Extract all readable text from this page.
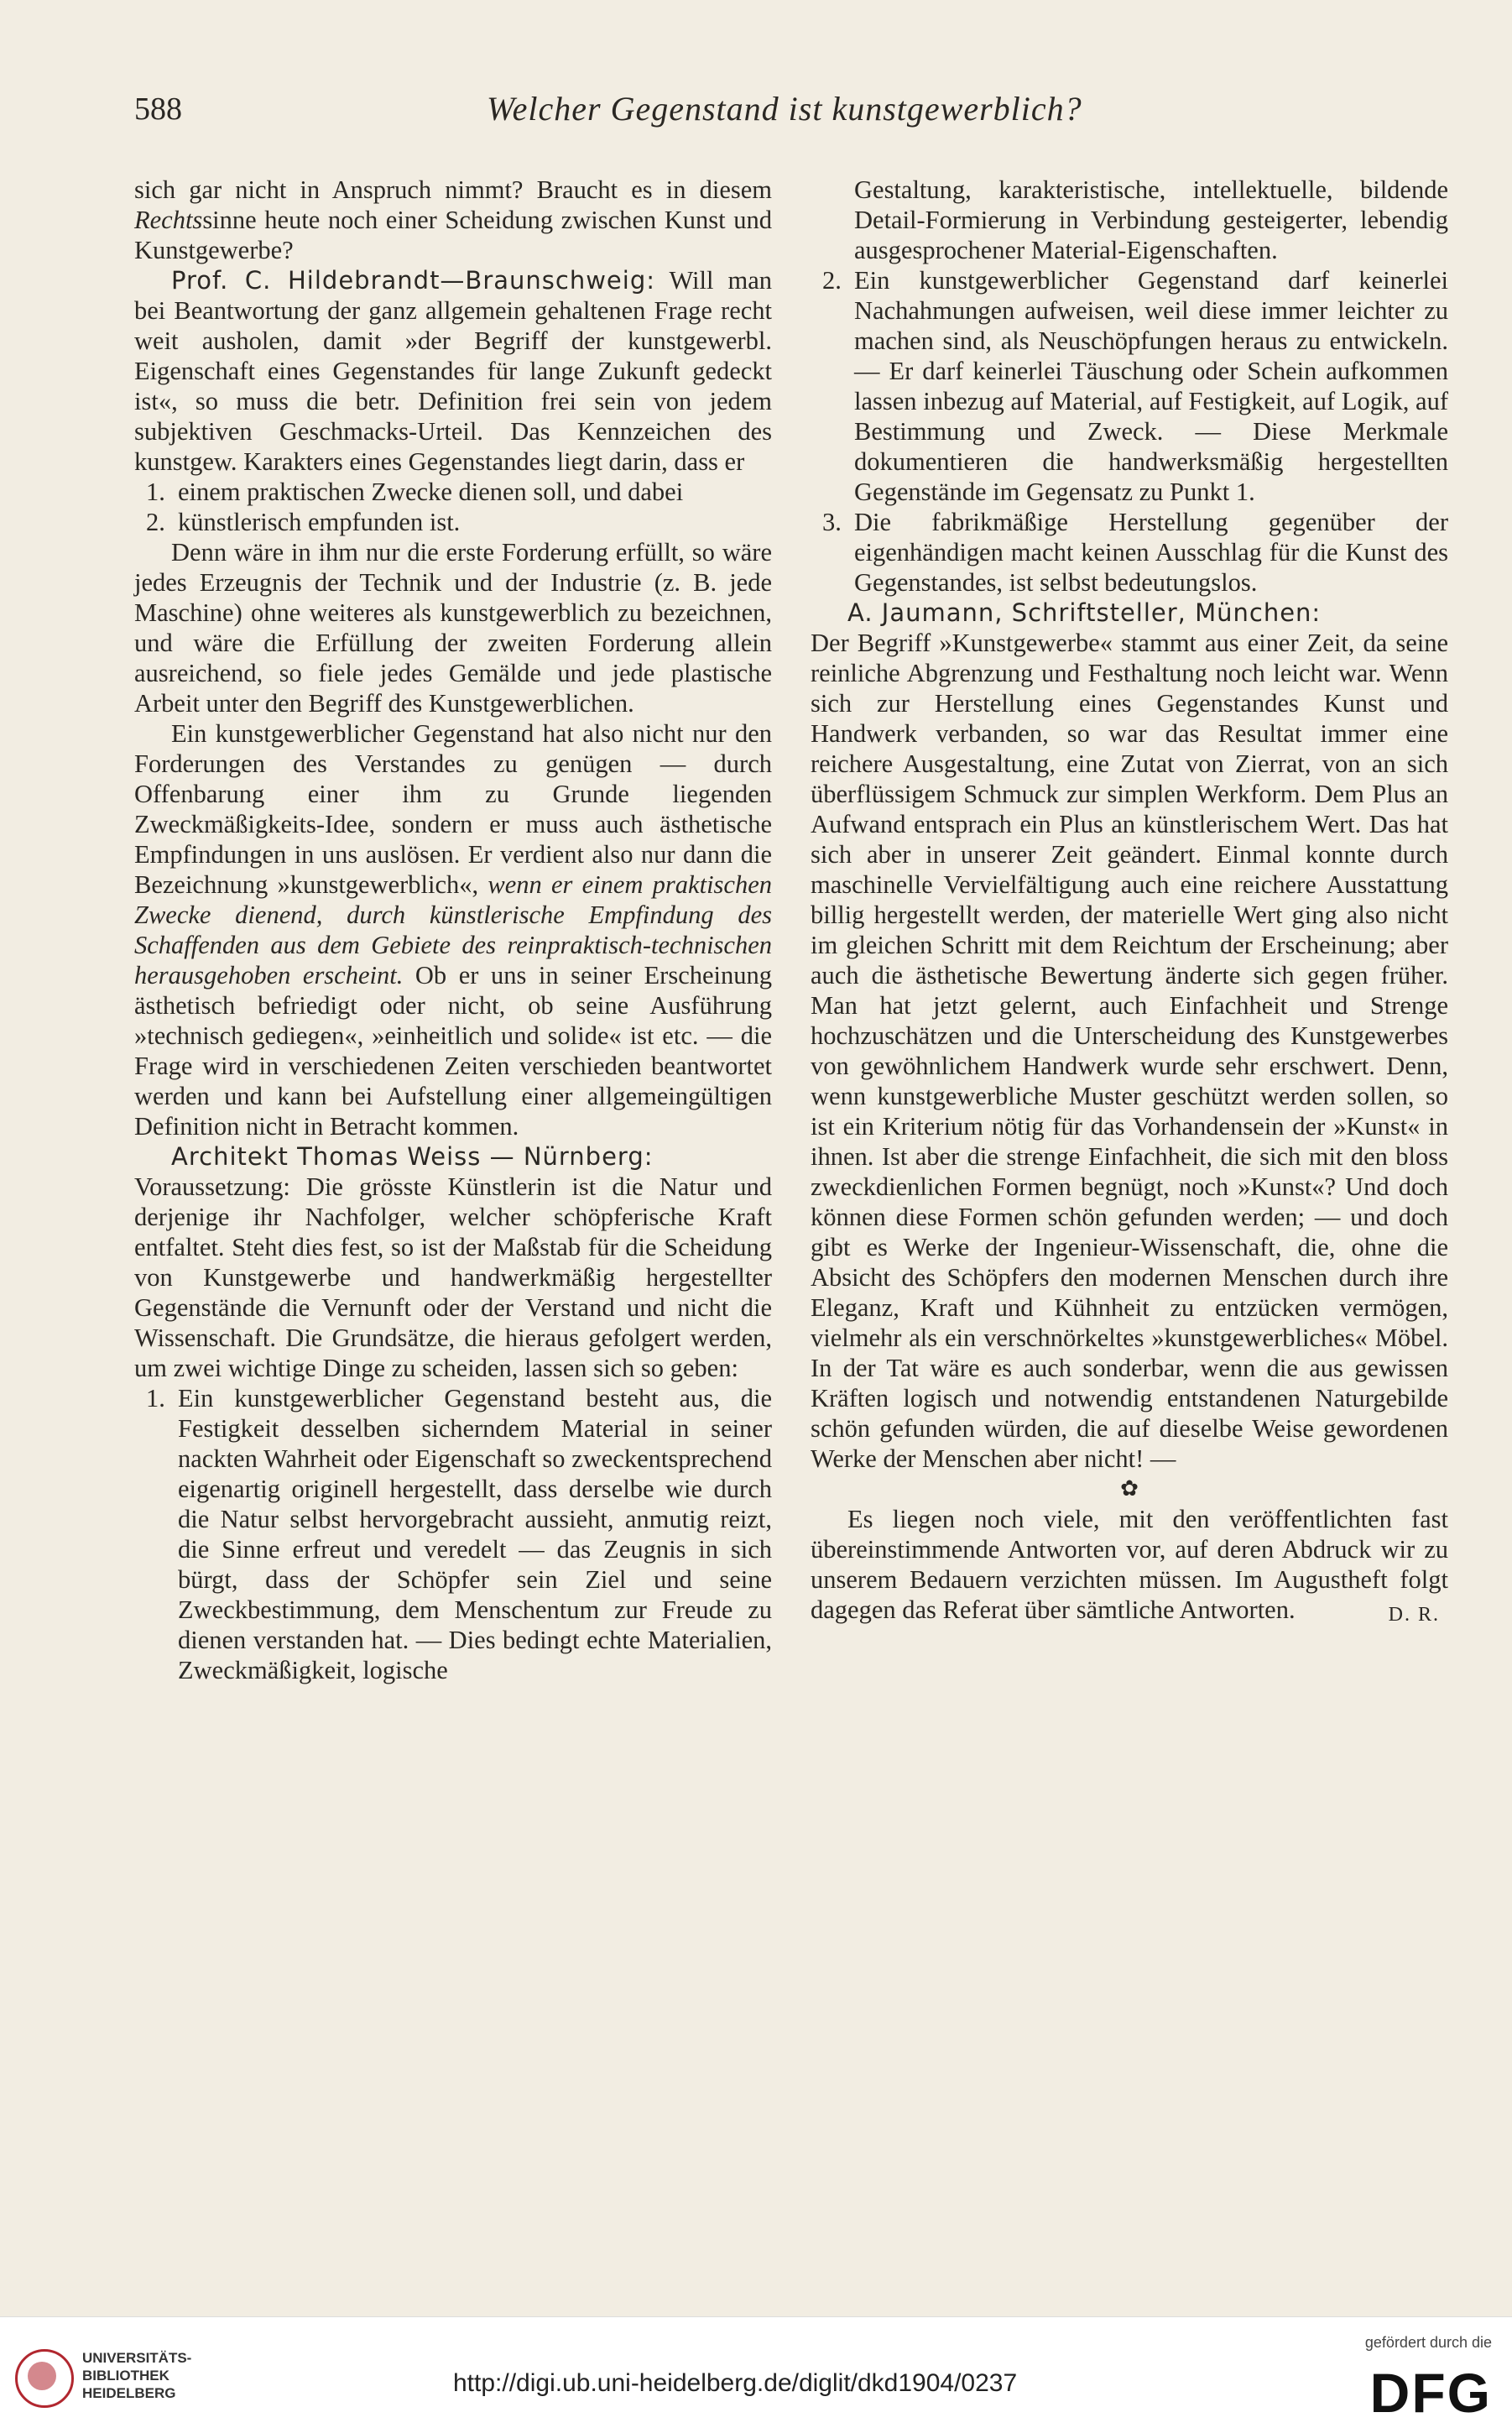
588	Welcher Gegenstand ist kunstgewerblich?

sich gar nicht in Anspruch nimmt? Braucht es in diesem Rechtssinne heute noch einer Scheidung zwischen Kunst und Kunstgewerbe?

Prof. C. Hildebrandt—Braunschweig: Will man bei Beantwortung der ganz allgemein gehaltenen Frage recht weit ausholen, damit »der Begriff der kunstgewerbl. Eigenschaft eines Gegenstandes für lange Zukunft gedeckt ist«, so muss die betr. Definition frei sein von jedem subjektiven Geschmacks-Urteil. Das Kennzeichen des kunstgew. Karakters eines Gegenstandes liegt darin, dass er

1. einem praktischen Zwecke dienen soll, und dabei

2. künstlerisch empfunden ist.

Denn wäre in ihm nur die erste Forderung erfüllt, so wäre jedes Erzeugnis der Technik und der Industrie (z. B. jede Maschine) ohne weiteres als kunstgewerblich zu bezeichnen, und wäre die Erfüllung der zweiten Forderung allein ausreichend, so fiele jedes Gemälde und jede plastische Arbeit unter den Begriff des Kunstgewerblichen.

Ein kunstgewerblicher Gegenstand hat also nicht nur den Forderungen des Verstandes zu genügen — durch Offenbarung einer ihm zu Grunde liegenden Zweckmäßigkeits-Idee, sondern er muss auch ästhetische Empfindungen in uns auslösen. Er verdient also nur dann die Bezeichnung »kunstgewerblich«, wenn er einem praktischen Zwecke dienend, durch künstlerische Empfindung des Schaffenden aus dem Gebiete des reinpraktisch-technischen herausgehoben erscheint. Ob er uns in seiner Erscheinung ästhetisch befriedigt oder nicht, ob seine Ausführung »technisch gediegen«, »einheitlich und solide« ist etc. — die Frage wird in verschiedenen Zeiten verschieden beantwortet werden und kann bei Aufstellung einer allgemeingültigen Definition nicht in Betracht kommen.

Architekt Thomas Weiss — Nürnberg:

Voraussetzung: Die grösste Künstlerin ist die Natur und derjenige ihr Nachfolger, welcher schöpferische Kraft entfaltet. Steht dies fest, so ist der Maßstab für die Scheidung von Kunstgewerbe und handwerkmäßig hergestellter Gegenstände die Vernunft oder der Verstand und nicht die Wissenschaft. Die Grundsätze, die hieraus gefolgert werden, um zwei wichtige Dinge zu scheiden, lassen sich so geben:

1. Ein kunstgewerblicher Gegenstand besteht aus, die Festigkeit desselben sicherndem Material in seiner nackten Wahrheit oder Eigenschaft so zweckentsprechend eigenartig originell hergestellt, dass derselbe wie durch die Natur selbst hervorgebracht aussieht, anmutig reizt, die Sinne erfreut und veredelt — das Zeugnis in sich bürgt, dass der Schöpfer sein Ziel und seine Zweckbestimmung, dem Menschentum zur Freude zu dienen verstanden hat. — Dies bedingt echte Materialien, Zweckmäßigkeit, logische

Gestaltung, karakteristische, intellektuelle, bildende Detail-Formierung in Verbindung gesteigerter, lebendig ausgesprochener Material-Eigenschaften.

2. Ein kunstgewerblicher Gegenstand darf keinerlei Nachahmungen aufweisen, weil diese immer leichter zu machen sind, als Neuschöpfungen heraus zu entwickeln. — Er darf keinerlei Täuschung oder Schein aufkommen lassen inbezug auf Material, auf Festigkeit, auf Logik, auf Bestimmung und Zweck. — Diese Merkmale dokumentieren die handwerksmäßig hergestellten Gegenstände im Gegensatz zu Punkt 1.

3. Die fabrikmäßige Herstellung gegenüber der eigenhändigen macht keinen Ausschlag für die Kunst des Gegenstandes, ist selbst bedeutungslos.

A. Jaumann, Schriftsteller, München:

Der Begriff »Kunstgewerbe« stammt aus einer Zeit, da seine reinliche Abgrenzung und Festhaltung noch leicht war. Wenn sich zur Herstellung eines Gegenstandes Kunst und Handwerk verbanden, so war das Resultat immer eine reichere Ausgestaltung, eine Zutat von Zierrat, von an sich überflüssigem Schmuck zur simplen Werkform. Dem Plus an Aufwand entsprach ein Plus an künstlerischem Wert. Das hat sich aber in unserer Zeit geändert. Einmal konnte durch maschinelle Vervielfältigung auch eine reichere Ausstattung billig hergestellt werden, der materielle Wert ging also nicht im gleichen Schritt mit dem Reichtum der Erscheinung; aber auch die ästhetische Bewertung änderte sich gegen früher. Man hat jetzt gelernt, auch Einfachheit und Strenge hochzuschätzen und die Unterscheidung des Kunstgewerbes von gewöhnlichem Handwerk wurde sehr erschwert. Denn, wenn kunstgewerbliche Muster geschützt werden sollen, so ist ein Kriterium nötig für das Vorhandensein der »Kunst« in ihnen. Ist aber die strenge Einfachheit, die sich mit den bloss zweckdienlichen Formen begnügt, noch »Kunst«? Und doch können diese Formen schön gefunden werden; — und doch gibt es Werke der Ingenieur-Wissenschaft, die, ohne die Absicht des Schöpfers den modernen Menschen durch ihre Eleganz, Kraft und Kühnheit zu entzücken vermögen, vielmehr als ein verschnörkeltes »kunstgewerbliches« Möbel. In der Tat wäre es auch sonderbar, wenn die aus gewissen Kräften logisch und notwendig entstandenen Naturgebilde schön gefunden würden, die auf dieselbe Weise gewordenen Werke der Menschen aber nicht! —

✿

Es liegen noch viele, mit den veröffentlichten fast übereinstimmende Antworten vor, auf deren Abdruck wir zu unserem Bedauern verzichten müssen. Im Augustheft folgt dagegen das Referat über sämtliche Antworten.	D. R.

UNIVERSITÄTS-
BIBLIOTHEK
HEIDELBERG	http://digi.ub.uni-heidelberg.de/diglit/dkd1904/0237
gefördert durch die
DFG
